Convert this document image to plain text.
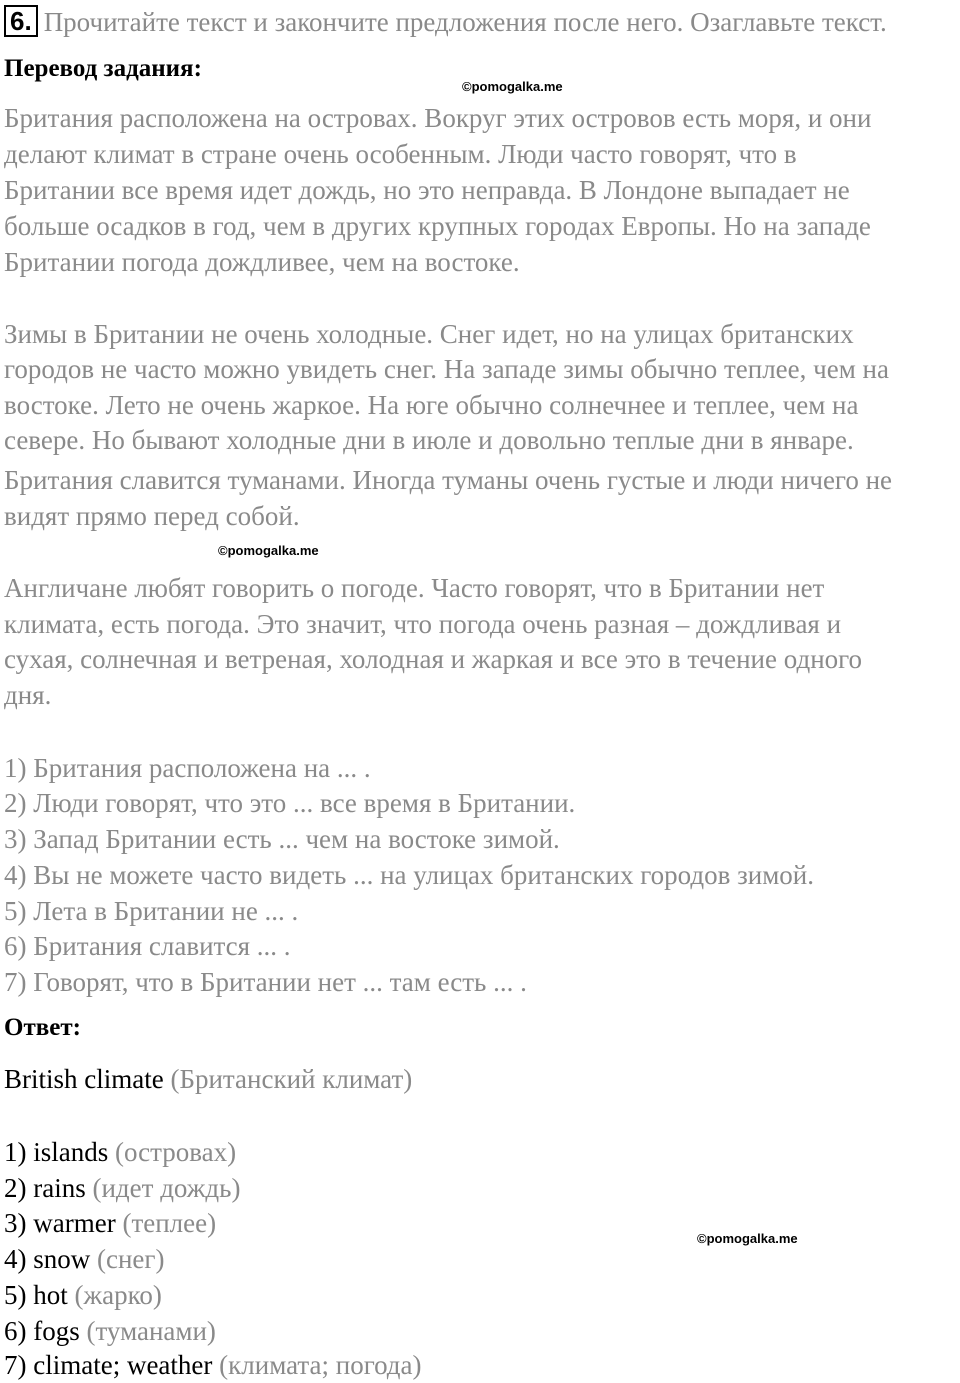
6. Прочитайте текст и закончите предложения после него. Озаглавьте текст.
Перевод задания:
©pomogalka.me
Британия расположена на островах. Вокруг этих островов есть моря, и они
делают климат в стране очень особенным. Люди часто говорят, что в
Британии все время идет дождь, но это неправда. В Лондоне выпадает не
больше осадков в год, чем в других крупных городах Европы. Но на западе
Британии погода дождливее, чем на востоке.
Зимы в Британии не очень холодные. Снег идет, но на улицах британских
городов не часто можно увидеть снег. На западе зимы обычно теплее, чем на
востоке. Лето не очень жаркое. На юге обычно солнечнее и теплее, чем на
севере. Но бывают холодные дни в июле и довольно теплые дни в январе.
Британия славится туманами. Иногда туманы очень густые и люди ничего не
видят прямо перед собой.
©pomogalka.me
Англичане любят говорить о погоде. Часто говорят, что в Британии нет
климата, есть погода. Это значит, что погода очень разная – дождливая и
сухая, солнечная и ветреная, холодная и жаркая и все это в течение одного
дня.
1) Британия расположена на ... .
2) Люди говорят, что это ... все время в Британии.
3) Запад Британии есть ... чем на востоке зимой.
4) Вы не можете часто видеть ... на улицах британских городов зимой.
5) Лета в Британии не ... .
6) Британия славится ... .
7) Говорят, что в Британии нет ... там есть ... .
Ответ:
British climate (Британский климат)
1) islands (островах)
2) rains (идет дождь)
3) warmer (теплее)
4) snow (снег)
5) hot (жарко)
6) fogs (туманами)
7) climate; weather (климата; погода)
©pomogalka.me
